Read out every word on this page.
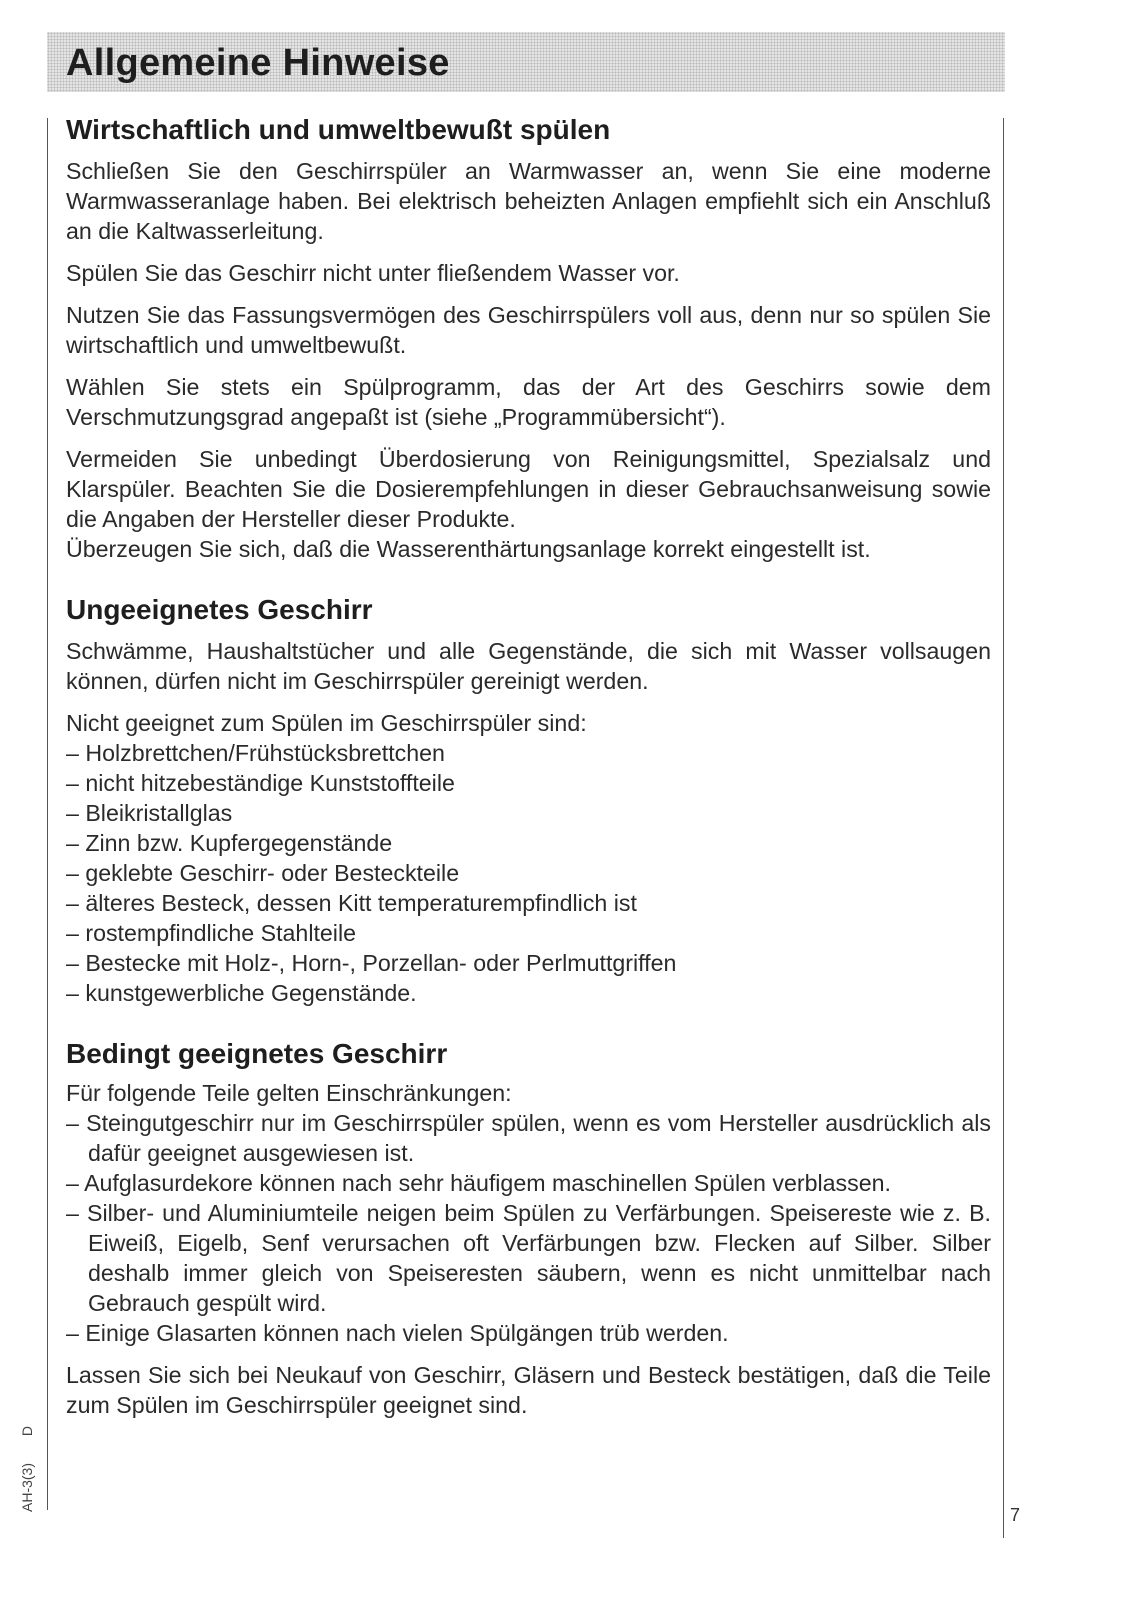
Allgemeine Hinweise
Wirtschaftlich und umweltbewußt spülen

Schließen Sie den Geschirrspüler an Warmwasser an, wenn Sie eine moderne Warmwasseranlage haben. Bei elektrisch beheizten Anlagen empfiehlt sich ein Anschluß an die Kaltwasserleitung.

Spülen Sie das Geschirr nicht unter fließendem Wasser vor.

Nutzen Sie das Fassungsvermögen des Geschirrspülers voll aus, denn nur so spülen Sie wirtschaftlich und umweltbewußt.

Wählen Sie stets ein Spülprogramm, das der Art des Geschirrs sowie dem Verschmutzungsgrad angepaßt ist (siehe „Programmübersicht“).

Vermeiden Sie unbedingt Überdosierung von Reinigungsmittel, Spezialsalz und Klarspüler. Beachten Sie die Dosierempfehlungen in dieser Gebrauchsanweisung sowie die Angaben der Hersteller dieser Produkte.

Überzeugen Sie sich, daß die Wasserenthärtungsanlage korrekt eingestellt ist.

Ungeeignetes Geschirr

Schwämme, Haushaltstücher und alle Gegenstände, die sich mit Wasser vollsaugen können, dürfen nicht im Geschirrspüler gereinigt werden.

Nicht geeignet zum Spülen im Geschirrspüler sind:

– Holzbrettchen/Frühstücksbrettchen
– nicht hitzebeständige Kunststoffteile
– Bleikristallglas
– Zinn bzw. Kupfergegenstände
– geklebte Geschirr- oder Besteckteile
– älteres Besteck, dessen Kitt temperaturempfindlich ist
– rostempfindliche Stahlteile
– Bestecke mit Holz-, Horn-, Porzellan- oder Perlmuttgriffen
– kunstgewerbliche Gegenstände.
Bedingt geeignetes Geschirr

Für folgende Teile gelten Einschränkungen:

– Steingutgeschirr nur im Geschirrspüler spülen, wenn es vom Hersteller ausdrücklich als dafür geeignet ausgewiesen ist.
– Aufglasurdekore können nach sehr häufigem maschinellen Spülen verblassen.
– Silber- und Aluminiumteile neigen beim Spülen zu Verfärbungen. Speisereste wie z. B. Eiweiß, Eigelb, Senf verursachen oft Verfärbungen bzw. Flecken auf Silber. Silber deshalb immer gleich von Speiseresten säubern, wenn es nicht unmittelbar nach Gebrauch gespült wird.
– Einige Glasarten können nach vielen Spülgängen trüb werden.

Lassen Sie sich bei Neukauf von Geschirr, Gläsern und Besteck bestätigen, daß die Teile zum Spülen im Geschirrspüler geeignet sind.

AH-3(3)
D
7
